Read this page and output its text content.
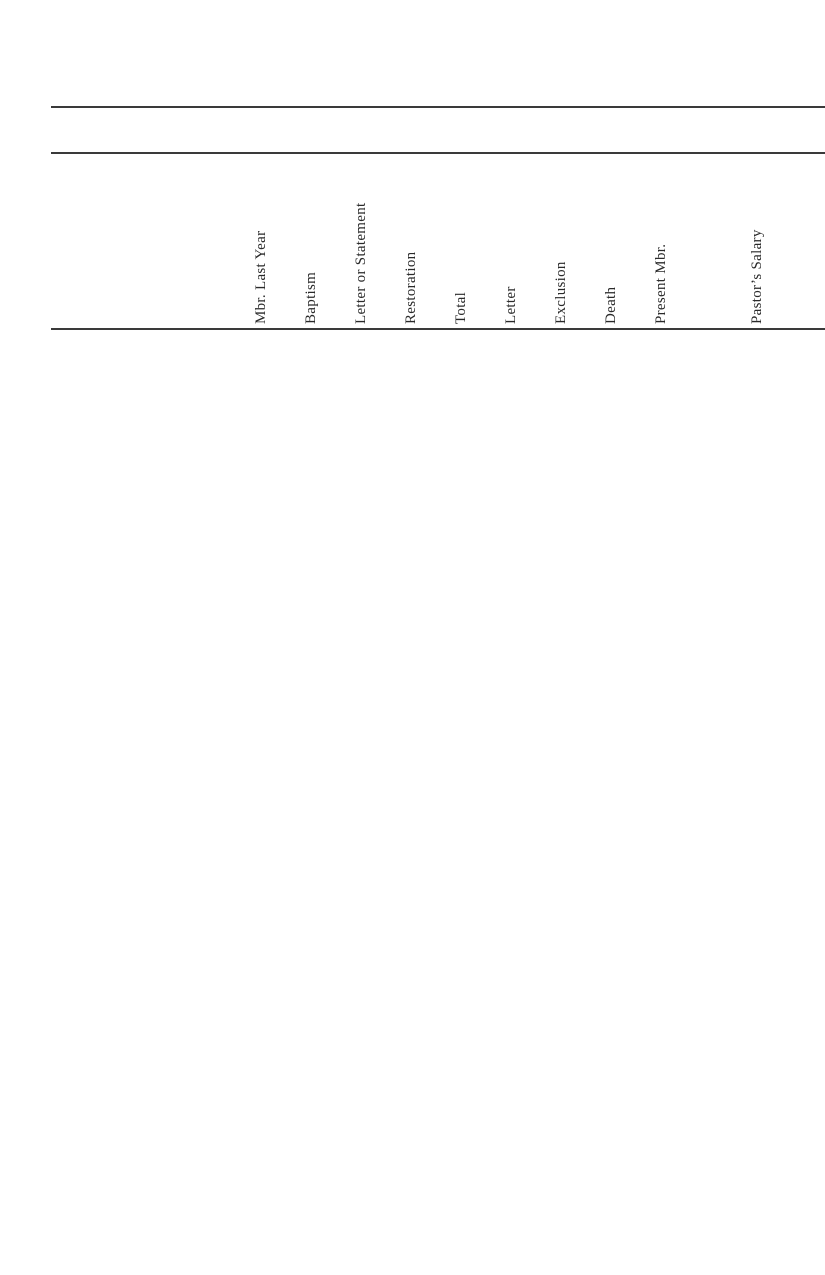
Mbr. Last Year Baptism Letter or Statement Restoration Total Letter Exclusion Death Present Mbr.	Pastor’s Salary
